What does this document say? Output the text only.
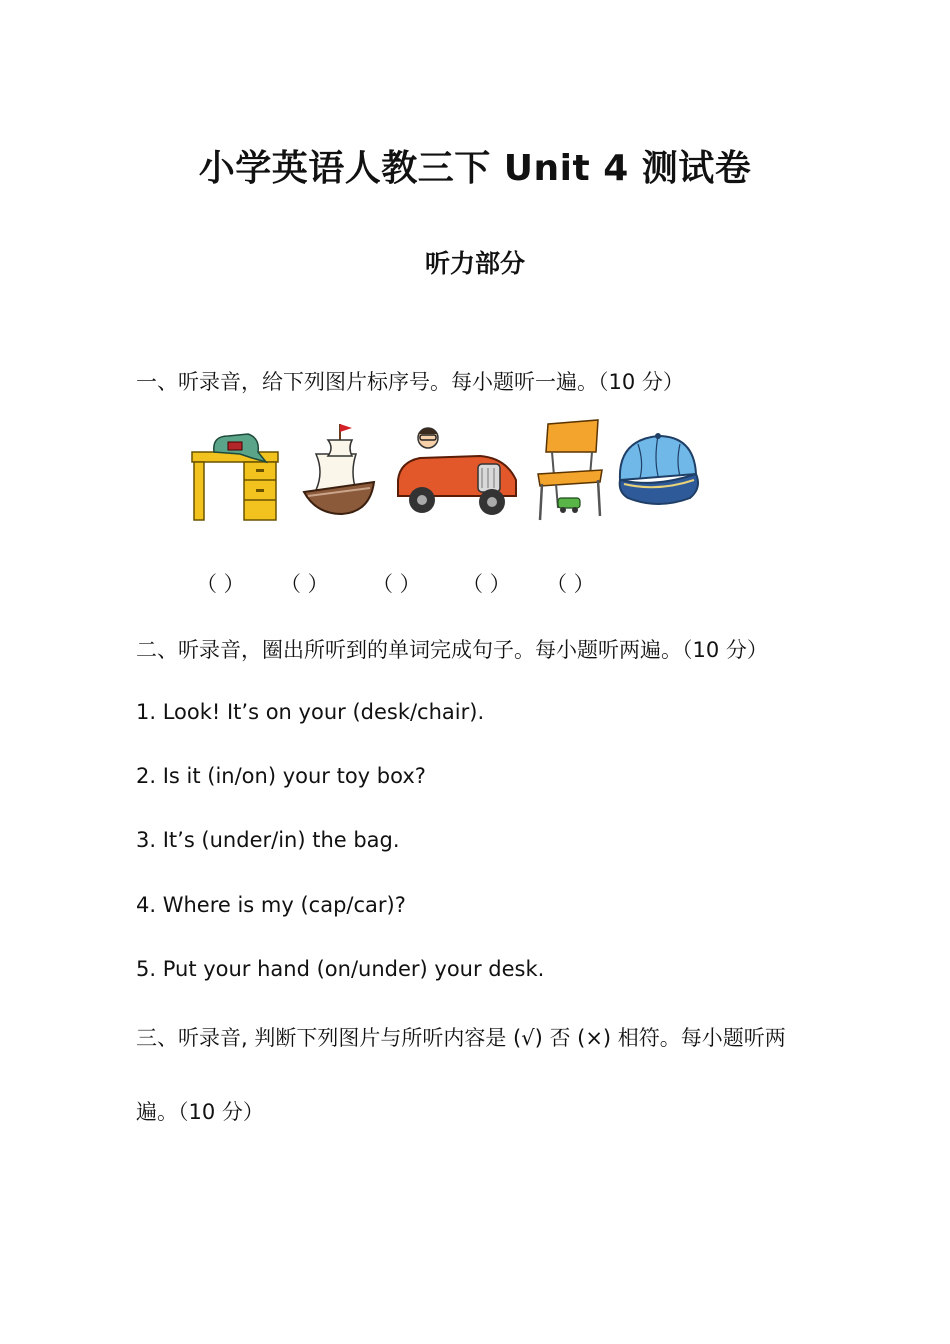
小学英语人教三下 Unit 4 测试卷
听力部分
一、听录音，给下列图片标序号。每小题听一遍。（10 分）
（ ） （ ） （ ） （ ） （ ）
二、听录音，圈出所听到的单词完成句子。每小题听两遍。（10 分）
1. Look! It’s on your (desk/chair).
2. Is it (in/on) your toy box?
3. It’s (under/in) the bag.
4. Where is my (cap/car)?
5. Put your hand (on/under) your desk.
三、听录音, 判断下列图片与所听内容是 (√) 否 (×) 相符。每小题听两
遍。（10 分）
